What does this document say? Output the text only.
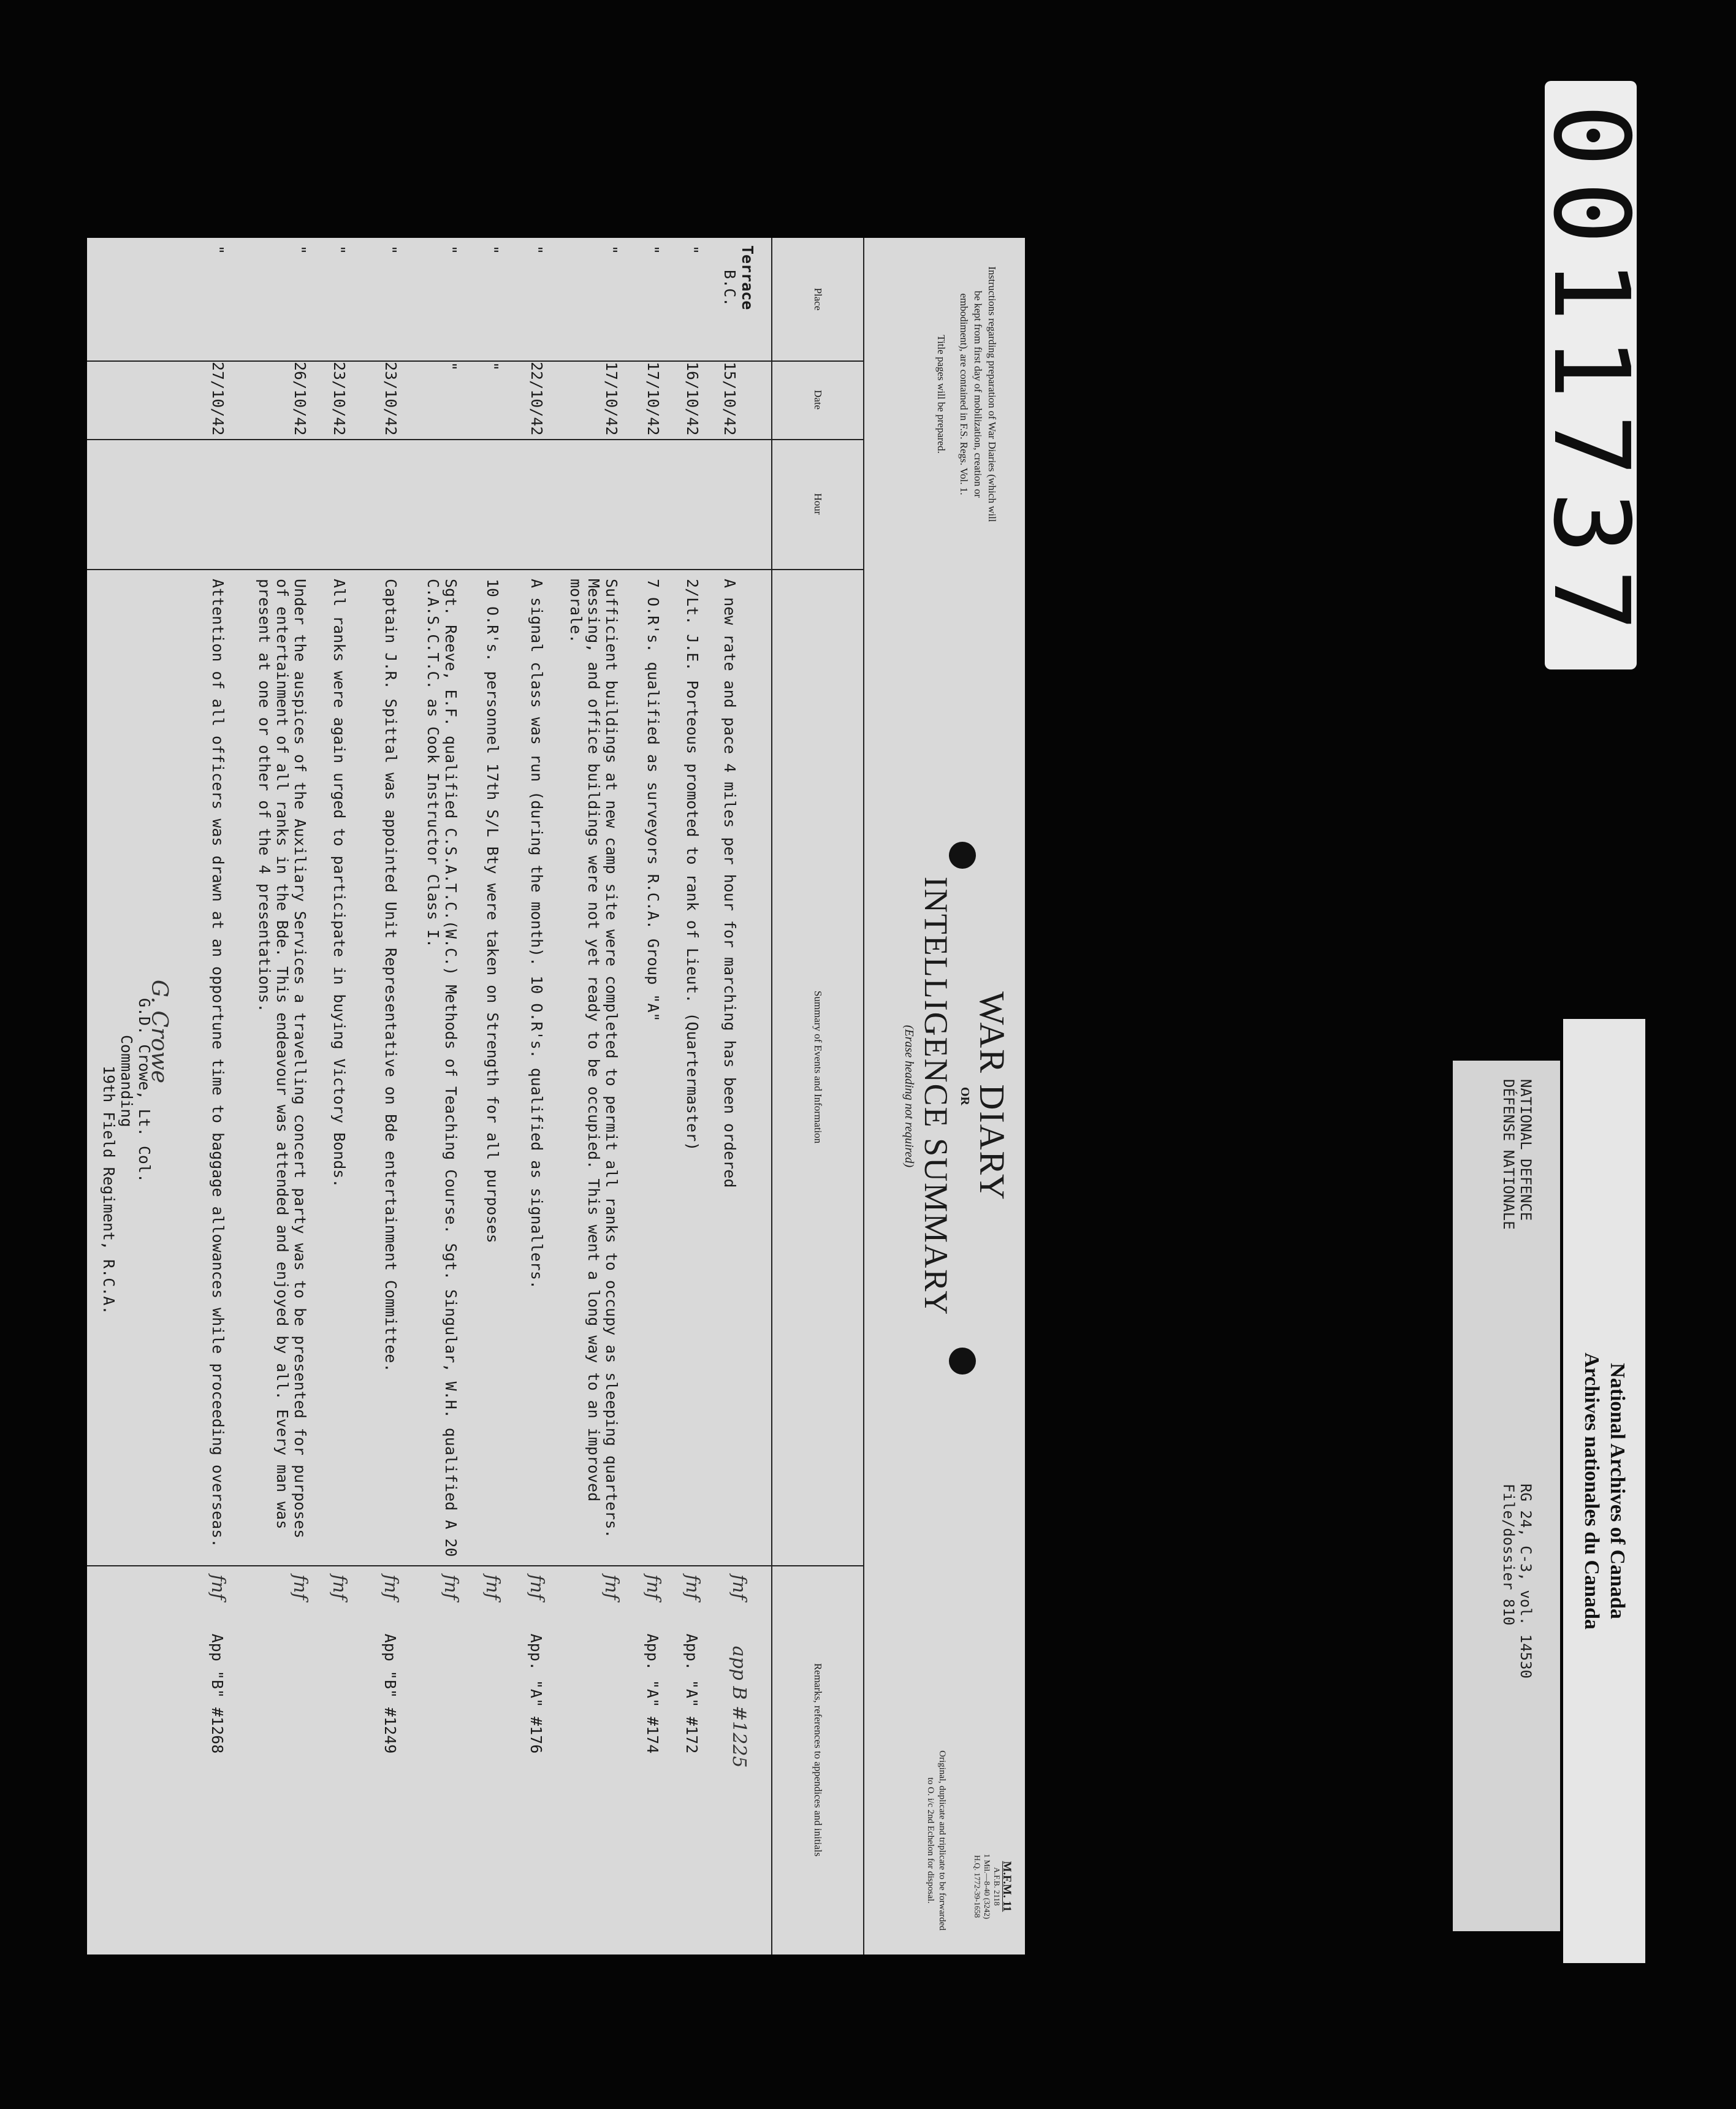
Instructions regarding preparation of War Diaries (which will be kept from first day of mobilization, creation or embodiment), are contained in F.S. Regs. Vol. 1.

Title pages will be prepared.

WAR DIARY
OR
INTELLIGENCE SUMMARY
(Erase heading not required)
M.F.M. 11
A.F.B. 2118
1 Mil.—8-40 (3242)
H.Q. 1772-39-1658
Original, duplicate and triplicate to be forwarded to O. i/c 2nd Echelon for disposal.
Place
Date
Hour
Summary of Events and Information
Remarks, references to appendices and initials
Terrace
B.C.
15/10/42
A new rate and pace 4 miles per hour for marching has been ordered
fnf app B #1225
"
16/10/42
2/Lt. J.E. Porteous promoted to rank of Lieut. (Quartermaster)
fnf App. "A" #172
"
17/10/42
7 O.R's. qualified as surveyors R.C.A. Group "A"
fnf App. "A" #174
"
17/10/42
Sufficient buildings at new camp site were completed to permit all ranks to occupy as sleeping quarters. Messing, and office buildings were not yet ready to be occupied. This went a long way to an improved morale.
fnf
"
22/10/42
A signal class was run (during the month). 10 O.R's. qualified as signallers.
fnf App. "A" #176
"
"
10 O.R's. personnel 17th S/L Bty were taken on Strength for all purposes
fnf
"
"
Sgt. Reeve, E.F. qualified C.S.A.T.C.(W.C.) Methods of Teaching Course. Sgt. Singular, W.H. qualified A 20 C.A.S.C.T.C. as Cook Instructor Class I.
fnf
"
23/10/42
Captain J.R. Spittal was appointed Unit Representative on Bde entertainment Committee.
fnf App "B" #1249
"
23/10/42
All ranks were again urged to participate in buying Victory Bonds.
fnf
"
26/10/42
Under the auspices of the Auxiliary Services a travelling concert party was to be presented for purposes of entertainment of all ranks in the Bde. This endeavour was attended and enjoyed by all. Every man was present at one or other of the 4 presentations.
fnf
"
27/10/42
Attention of all officers was drawn at an opportune time to baggage allowances while proceeding overseas.
fnf App "B" #1268
G. Crowe
G.D. Crowe, Lt. Col.
Commanding
19th Field Regiment, R.C.A.	NATIONAL DEFENCE
DÉFENSE NATIONALE
RG 24, C-3, vol. 14530
File/dossier 810	National Archives of Canada
Archives nationales du Canada
0011737
